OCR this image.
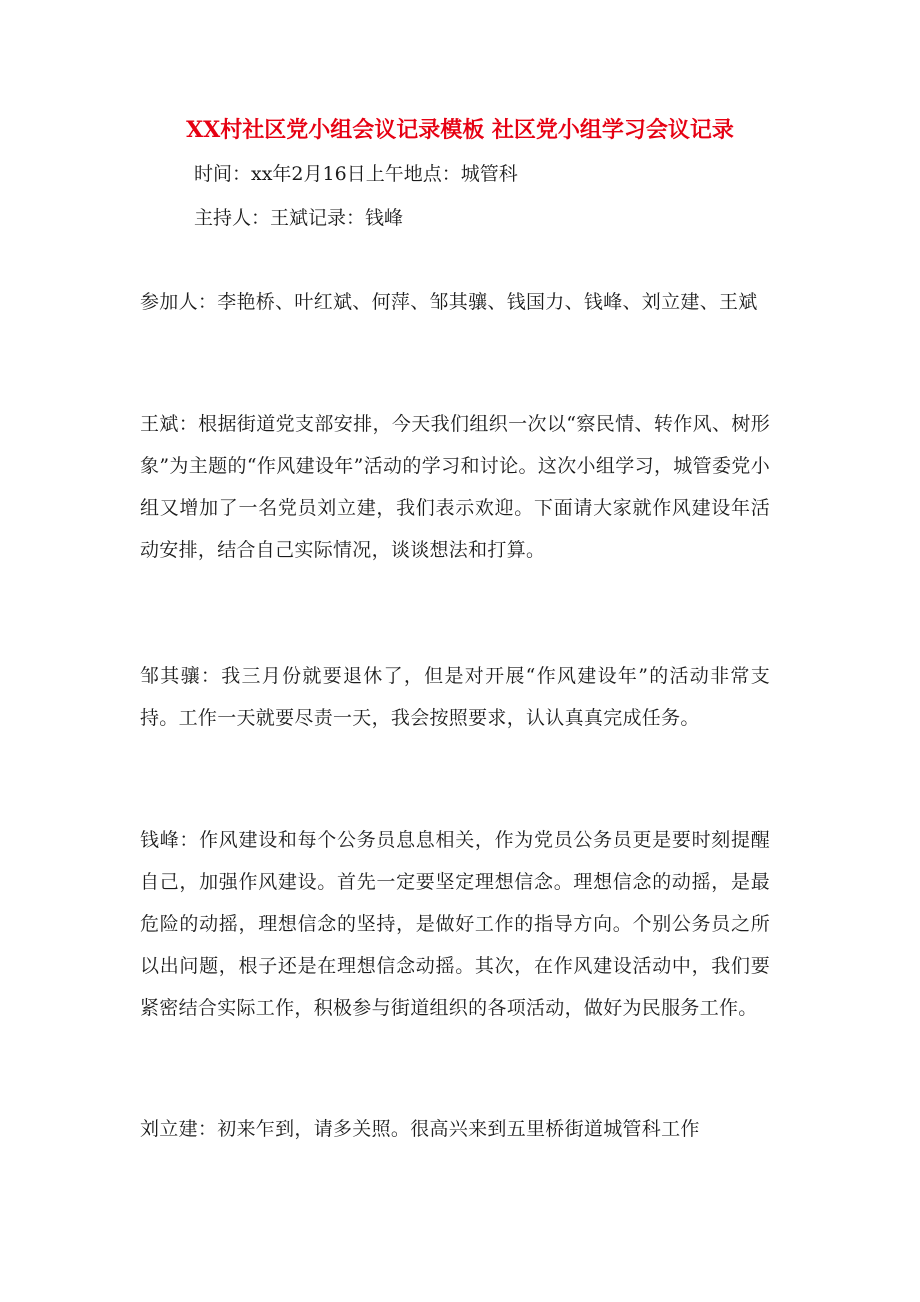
XX村社区党小组会议记录模板 社区党小组学习会议记录

时间：xx年2月16日上午地点：城管科

主持人：王斌记录：钱峰

参加人：李艳桥、叶红斌、何萍、邹其骧、钱国力、钱峰、刘立建、王斌

王斌：根据街道党支部安排，今天我们组织一次以“察民情、转作风、树形象”为主题的“作风建设年”活动的学习和讨论。这次小组学习，城管委党小组又增加了一名党员刘立建，我们表示欢迎。下面请大家就作风建设年活动安排，结合自己实际情况，谈谈想法和打算。

邹其骧：我三月份就要退休了，但是对开展“作风建设年”的活动非常支持。工作一天就要尽责一天，我会按照要求，认认真真完成任务。

钱峰：作风建设和每个公务员息息相关，作为党员公务员更是要时刻提醒自己，加强作风建设。首先一定要坚定理想信念。理想信念的动摇，是最危险的动摇，理想信念的坚持，是做好工作的指导方向。个别公务员之所以出问题，根子还是在理想信念动摇。其次，在作风建设活动中，我们要紧密结合实际工作，积极参与街道组织的各项活动，做好为民服务工作。

刘立建：初来乍到，请多关照。很高兴来到五里桥街道城管科工作
